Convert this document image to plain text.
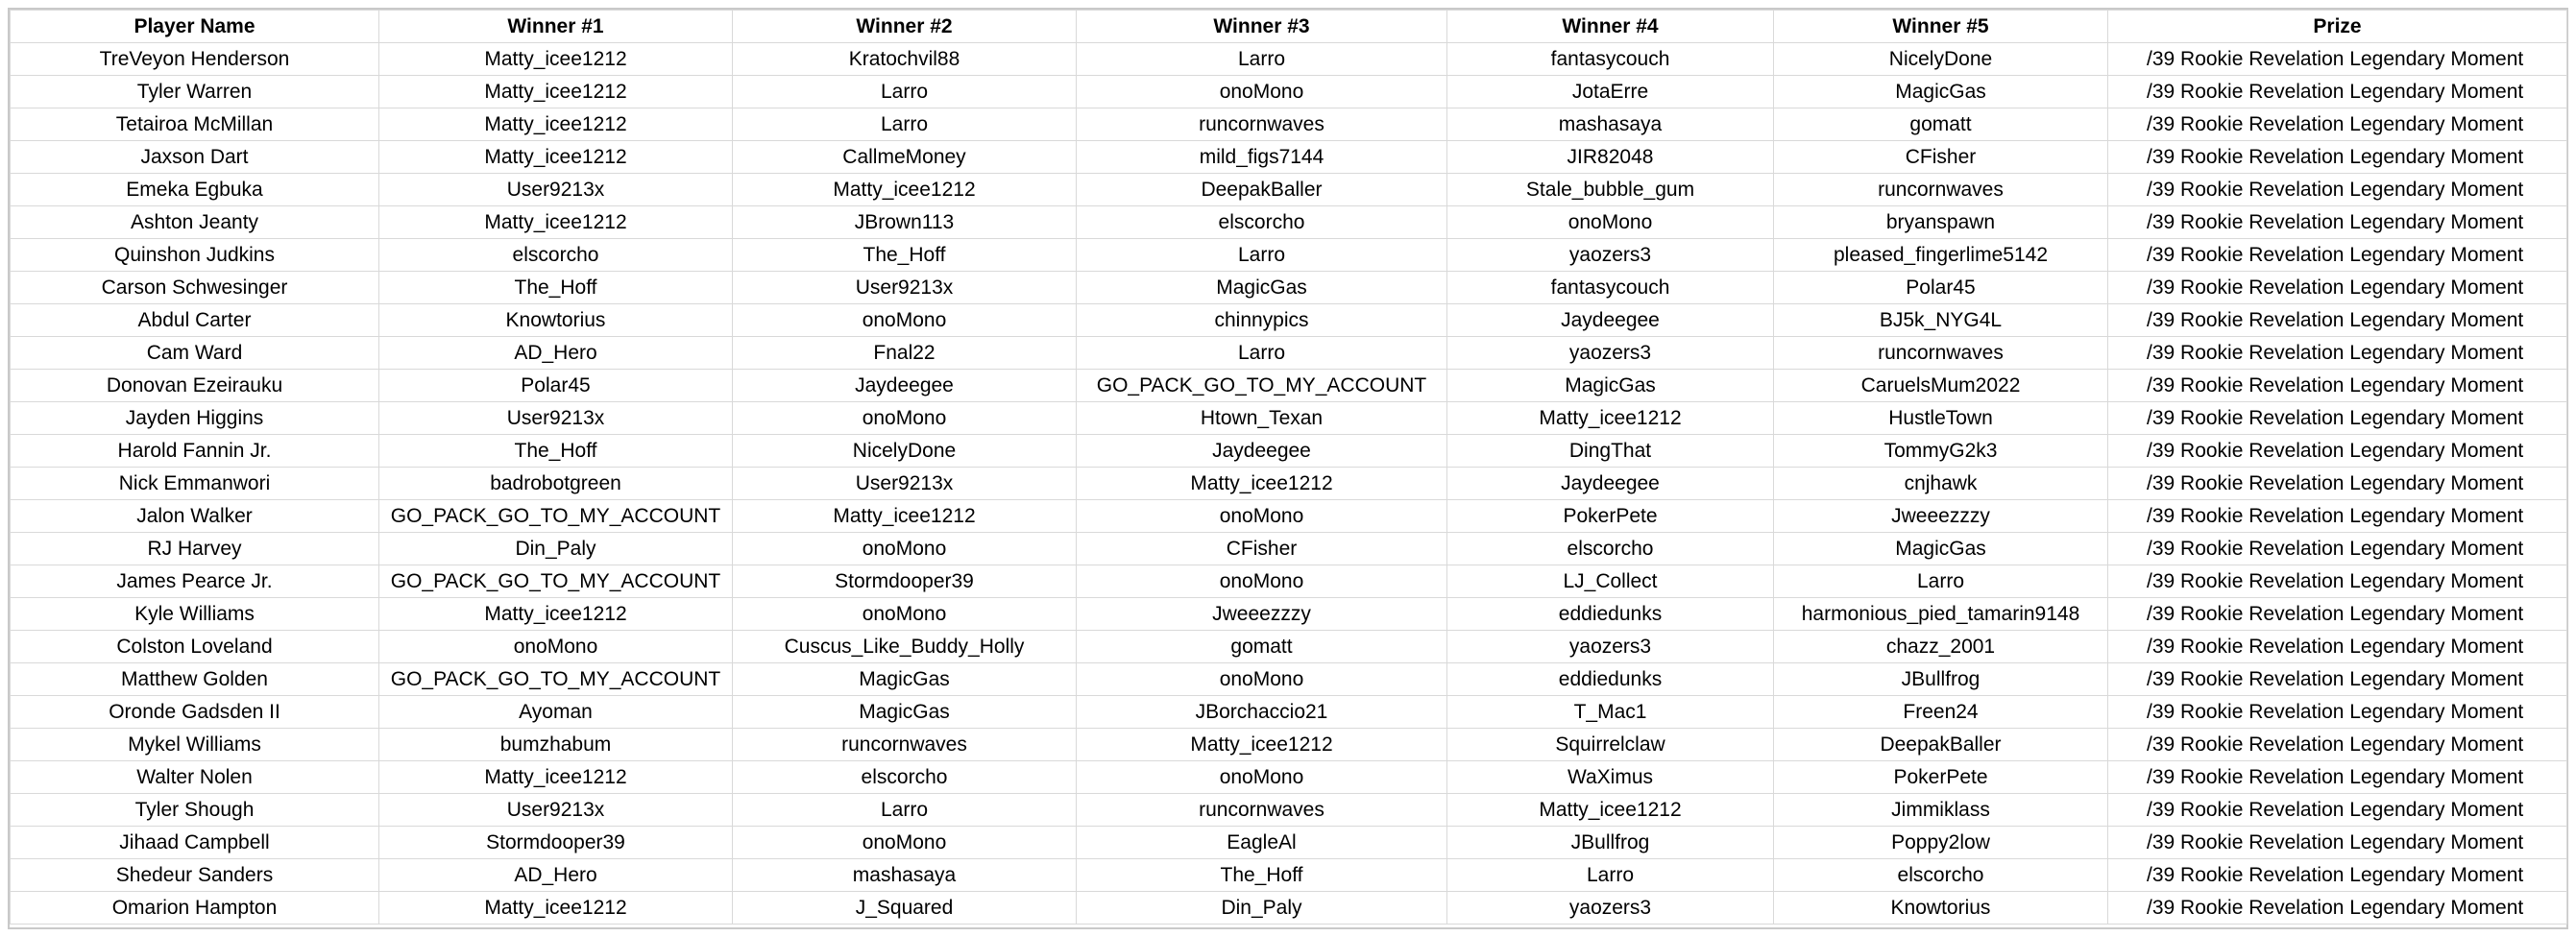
Player Name	Winner #1	Winner #2	Winner #3	Winner #4	Winner #5	Prize
TreVeyon Henderson	Matty_icee1212	Kratochvil88	Larro	fantasycouch	NicelyDone	/39 Rookie Revelation Legendary Moment
Tyler Warren	Matty_icee1212	Larro	onoMono	JotaErre	MagicGas	/39 Rookie Revelation Legendary Moment
Tetairoa McMillan	Matty_icee1212	Larro	runcornwaves	mashasaya	gomatt	/39 Rookie Revelation Legendary Moment
Jaxson Dart	Matty_icee1212	CallmeMoney	mild_figs7144	JIR82048	CFisher	/39 Rookie Revelation Legendary Moment
Emeka Egbuka	User9213x	Matty_icee1212	DeepakBaller	Stale_bubble_gum	runcornwaves	/39 Rookie Revelation Legendary Moment
Ashton Jeanty	Matty_icee1212	JBrown113	elscorcho	onoMono	bryanspawn	/39 Rookie Revelation Legendary Moment
Quinshon Judkins	elscorcho	The_Hoff	Larro	yaozers3	pleased_fingerlime5142	/39 Rookie Revelation Legendary Moment
Carson Schwesinger	The_Hoff	User9213x	MagicGas	fantasycouch	Polar45	/39 Rookie Revelation Legendary Moment
Abdul Carter	Knowtorius	onoMono	chinnypics	Jaydeegee	BJ5k_NYG4L	/39 Rookie Revelation Legendary Moment
Cam Ward	AD_Hero	Fnal22	Larro	yaozers3	runcornwaves	/39 Rookie Revelation Legendary Moment
Donovan Ezeirauku	Polar45	Jaydeegee	GO_PACK_GO_TO_MY_ACCOUNT	MagicGas	CaruelsMum2022	/39 Rookie Revelation Legendary Moment
Jayden Higgins	User9213x	onoMono	Htown_Texan	Matty_icee1212	HustleTown	/39 Rookie Revelation Legendary Moment
Harold Fannin Jr.	The_Hoff	NicelyDone	Jaydeegee	DingThat	TommyG2k3	/39 Rookie Revelation Legendary Moment
Nick Emmanwori	badrobotgreen	User9213x	Matty_icee1212	Jaydeegee	cnjhawk	/39 Rookie Revelation Legendary Moment
Jalon Walker	GO_PACK_GO_TO_MY_ACCOUNT	Matty_icee1212	onoMono	PokerPete	Jweeezzzy	/39 Rookie Revelation Legendary Moment
RJ Harvey	Din_Paly	onoMono	CFisher	elscorcho	MagicGas	/39 Rookie Revelation Legendary Moment
James Pearce Jr.	GO_PACK_GO_TO_MY_ACCOUNT	Stormdooper39	onoMono	LJ_Collect	Larro	/39 Rookie Revelation Legendary Moment
Kyle Williams	Matty_icee1212	onoMono	Jweeezzzy	eddiedunks	harmonious_pied_tamarin9148	/39 Rookie Revelation Legendary Moment
Colston Loveland	onoMono	Cuscus_Like_Buddy_Holly	gomatt	yaozers3	chazz_2001	/39 Rookie Revelation Legendary Moment
Matthew Golden	GO_PACK_GO_TO_MY_ACCOUNT	MagicGas	onoMono	eddiedunks	JBullfrog	/39 Rookie Revelation Legendary Moment
Oronde Gadsden II	Ayoman	MagicGas	JBorchaccio21	T_Mac1	Freen24	/39 Rookie Revelation Legendary Moment
Mykel Williams	bumzhabum	runcornwaves	Matty_icee1212	Squirrelclaw	DeepakBaller	/39 Rookie Revelation Legendary Moment
Walter Nolen	Matty_icee1212	elscorcho	onoMono	WaXimus	PokerPete	/39 Rookie Revelation Legendary Moment
Tyler Shough	User9213x	Larro	runcornwaves	Matty_icee1212	Jimmiklass	/39 Rookie Revelation Legendary Moment
Jihaad Campbell	Stormdooper39	onoMono	EagleAl	JBullfrog	Poppy2low	/39 Rookie Revelation Legendary Moment
Shedeur Sanders	AD_Hero	mashasaya	The_Hoff	Larro	elscorcho	/39 Rookie Revelation Legendary Moment
Omarion Hampton	Matty_icee1212	J_Squared	Din_Paly	yaozers3	Knowtorius	/39 Rookie Revelation Legendary Moment
